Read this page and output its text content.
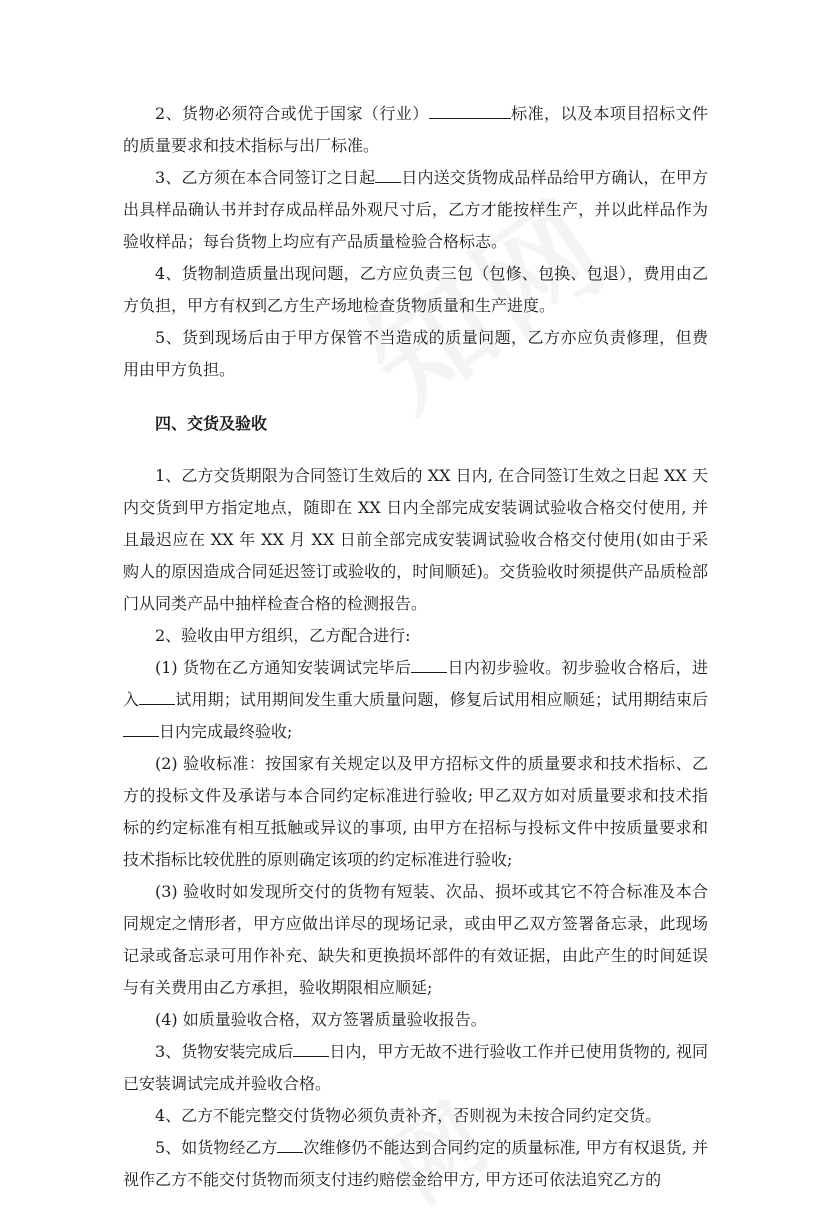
2、货物必须符合或优于国家（行业）	标准，以及本项目招标文件的质量要求和技术指标与出厂标准。

3、乙方须在本合同签订之日起 日内送交货物成品样品给甲方确认，在甲方出具样品确认书并封存成品样品外观尺寸后，乙方才能按样生产，并以此样品作为验收样品；每台货物上均应有产品质量检验合格标志。

4、货物制造质量出现问题，乙方应负责三包（包修、包换、包退），费用由乙方负担，甲方有权到乙方生产场地检查货物质量和生产进度。

5、货到现场后由于甲方保管不当造成的质量问题，乙方亦应负责修理，但费用由甲方负担。

四、交货及验收

1、乙方交货期限为合同签订生效后的 XX 日内, 在合同签订生效之日起 XX 天内交货到甲方指定地点，随即在 XX 日内全部完成安装调试验收合格交付使用, 并且最迟应在 XX 年 XX 月 XX 日前全部完成安装调试验收合格交付使用(如由于采购人的原因造成合同延迟签订或验收的，时间顺延)。交货验收时须提供产品质检部门从同类产品中抽样检查合格的检测报告。

2、验收由甲方组织，乙方配合进行:

(1) 货物在乙方通知安装调试完毕后 日内初步验收。初步验收合格后，进入 试用期；试用期间发生重大质量问题，修复后试用相应顺延；试用期结束后日内完成最终验收;

(2) 验收标准：按国家有关规定以及甲方招标文件的质量要求和技术指标、乙方的投标文件及承诺与本合同约定标准进行验收; 甲乙双方如对质量要求和技术指标的约定标准有相互抵触或异议的事项, 由甲方在招标与投标文件中按质量要求和技术指标比较优胜的原则确定该项的约定标准进行验收;

(3) 验收时如发现所交付的货物有短装、次品、损坏或其它不符合标准及本合同规定之情形者，甲方应做出详尽的现场记录，或由甲乙双方签署备忘录，此现场记录或备忘录可用作补充、缺失和更换损坏部件的有效证据，由此产生的时间延误与有关费用由乙方承担，验收期限相应顺延;

(4) 如质量验收合格，双方签署质量验收报告。

3、货物安装完成后 日内，甲方无故不进行验收工作并已使用货物的, 视同已安装调试完成并验收合格。

4、乙方不能完整交付货物必须负责补齐，否则视为未按合同约定交货。

5、如货物经乙方 次维修仍不能达到合同约定的质量标准, 甲方有权退货, 并视作乙方不能交付货物而须支付违约赔偿金给甲方, 甲方还可依法追究乙方的
